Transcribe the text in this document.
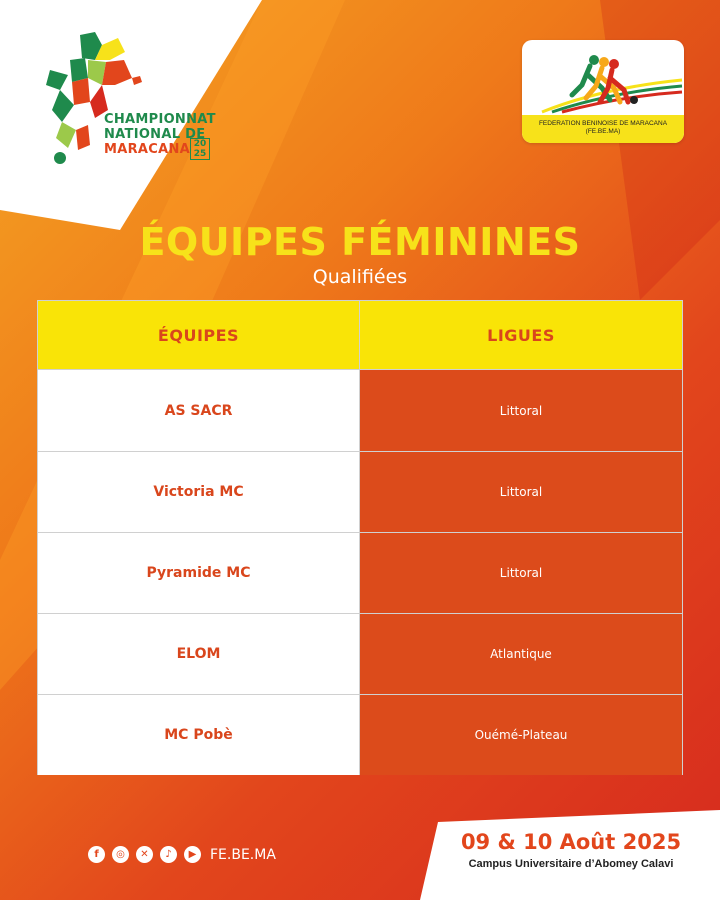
CHAMPIONNAT
NATIONAL DE
MARACANA 20
25
FEDERATION BENINOISE DE MARACANA
(FE.BE.MA)
ÉQUIPES FÉMININES
Qualifiées
ÉQUIPES	LIGUES
AS SACR	Littoral
Victoria MC	Littoral
Pyramide MC	Littoral
ELOM	Atlantique
MC Pobè	Ouémé-Plateau
f	◎	✕	♪	▶ FE.BE.MA
09 & 10 Août 2025
Campus Universitaire d’Abomey Calavi
